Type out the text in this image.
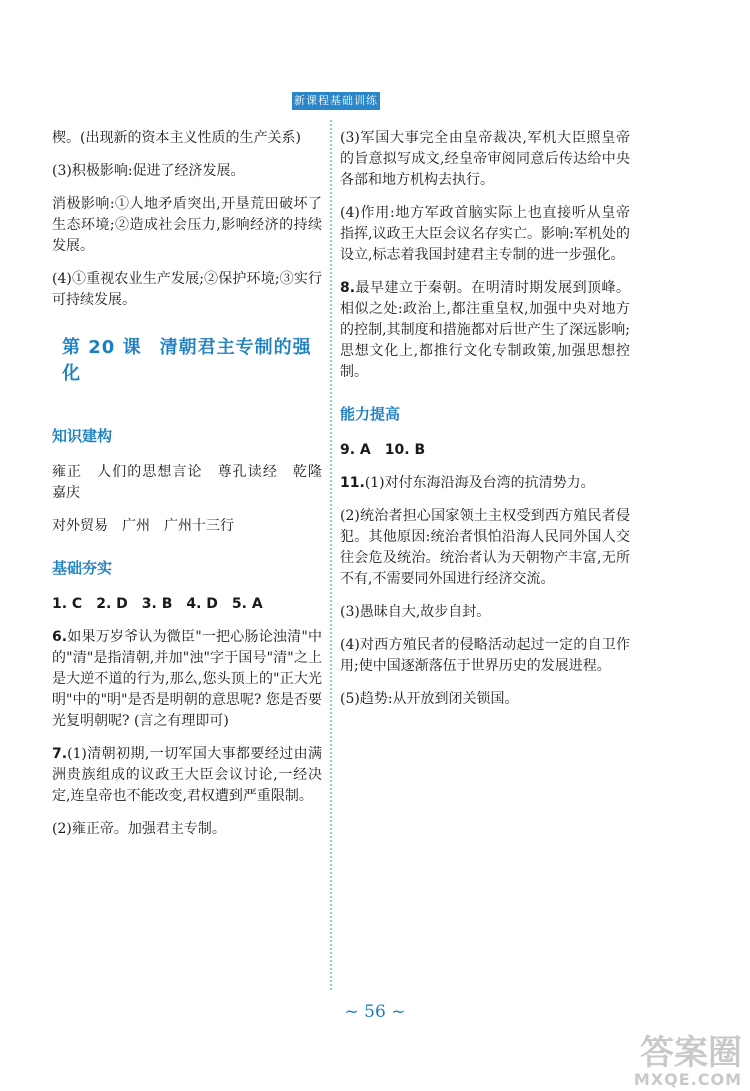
新课程基础训练

楔。(出现新的资本主义性质的生产关系)

(3)积极影响:促进了经济发展。

消极影响:①人地矛盾突出,开垦荒田破坏了生态环境;②造成社会压力,影响经济的持续发展。

(4)①重视农业生产发展;②保护环境;③实行可持续发展。

第 20 课 清朝君主专制的强化
知识建构

雍正　人们的思想言论　尊孔读经　乾隆　嘉庆

对外贸易　广州　广州十三行

基础夯实

1. C　2. D　3. B　4. D　5. A

6.如果万岁爷认为微臣"一把心肠论浊清"中的"清"是指清朝,并加"浊"字于国号"清"之上是大逆不道的行为,那么,您头顶上的"正大光明"中的"明"是否是明朝的意思呢? 您是否要光复明朝呢? (言之有理即可)

7.(1)清朝初期,一切军国大事都要经过由满洲贵族组成的议政王大臣会议讨论,一经决定,连皇帝也不能改变,君权遭到严重限制。

(2)雍正帝。加强君主专制。

(3)军国大事完全由皇帝裁决,军机大臣照皇帝的旨意拟写成文,经皇帝审阅同意后传达给中央各部和地方机构去执行。

(4)作用:地方军政首脑实际上也直接听从皇帝指挥,议政王大臣会议名存实亡。影响:军机处的设立,标志着我国封建君主专制的进一步强化。

8.最早建立于秦朝。在明清时期发展到顶峰。相似之处:政治上,都注重皇权,加强中央对地方的控制,其制度和措施都对后世产生了深远影响;思想文化上,都推行文化专制政策,加强思想控制。

能力提高

9. A　10. B

11.(1)对付东海沿海及台湾的抗清势力。

(2)统治者担心国家领土主权受到西方殖民者侵犯。其他原因:统治者惧怕沿海人民同外国人交往会危及统治。统治者认为天朝物产丰富,无所不有,不需要同外国进行经济交流。

(3)愚昧自大,故步自封。

(4)对西方殖民者的侵略活动起过一定的自卫作用;使中国逐渐落伍于世界历史的发展进程。

(5)趋势:从开放到闭关锁国。

~ 56 ~
答案圈
MXQE.COM
